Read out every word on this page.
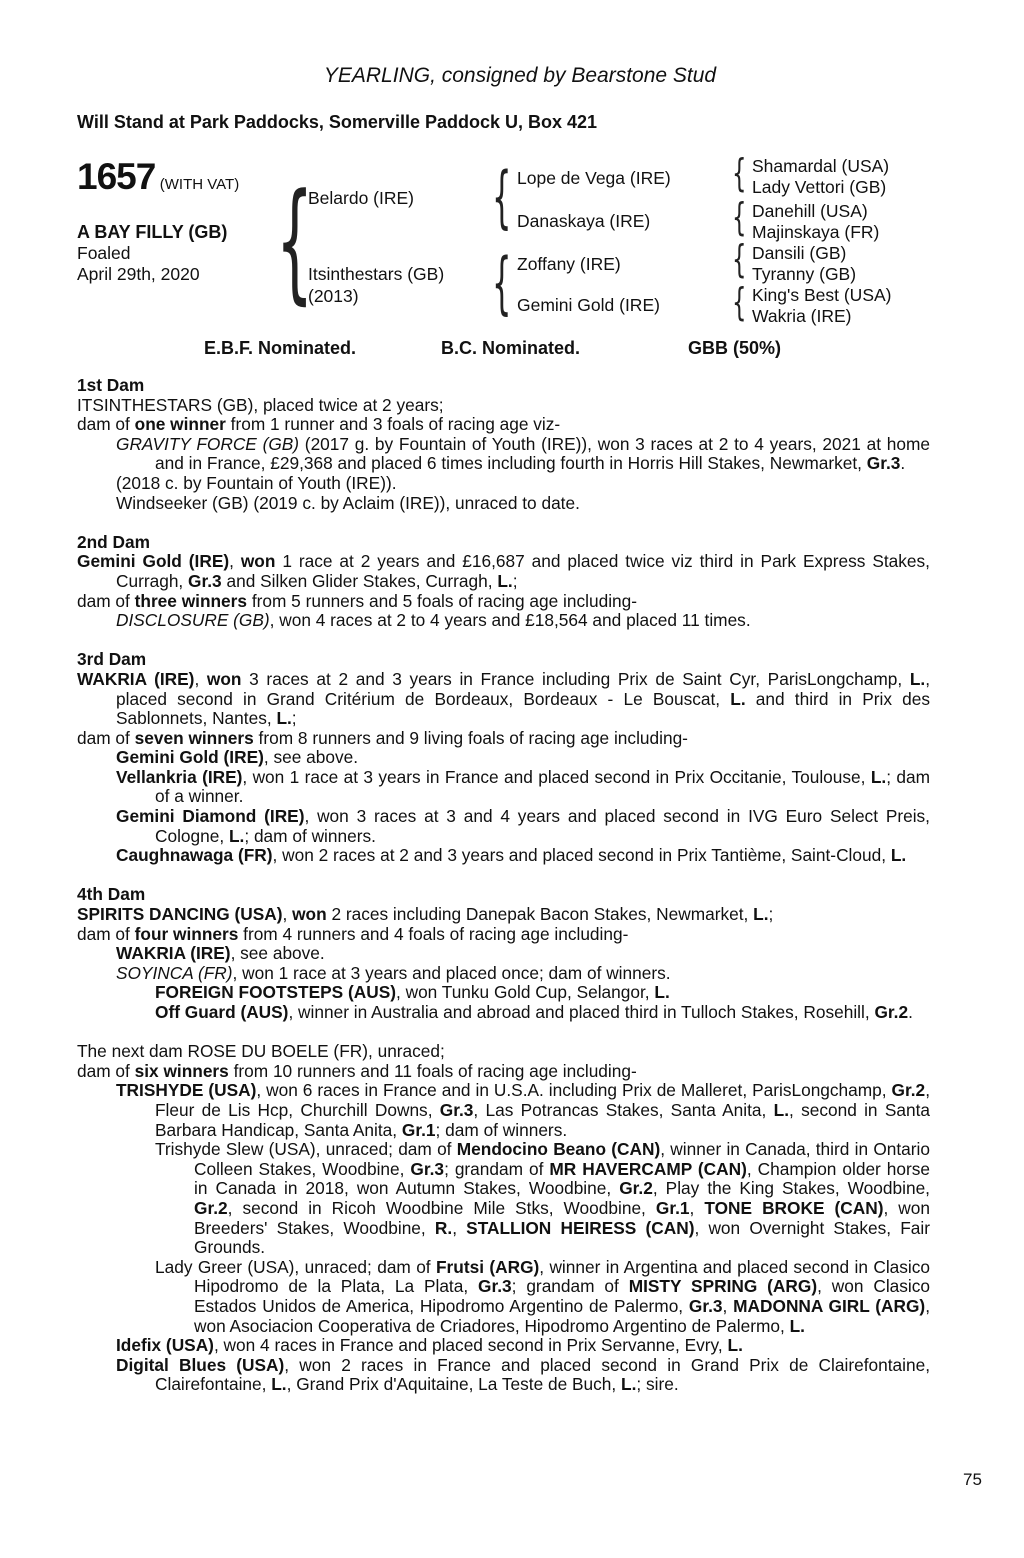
YEARLING, consigned by Bearstone Stud
Will Stand at Park Paddocks, Somerville Paddock U, Box 421
1657 (WITH VAT)
A BAY FILLY (GB)
Foaled
April 29th, 2020 {
Belardo (IRE)
Itsinthestars (GB)
(2013)
{
{
Lope de Vega (IRE)
Danaskaya (IRE)
Zoffany (IRE)
Gemini Gold (IRE)
{
{
{
{
Shamardal (USA)
Lady Vettori (GB)
Danehill (USA)
Majinskaya (FR)
Dansili (GB)
Tyranny (GB)
King's Best (USA)
Wakria (IRE)
E.B.F. Nominated.	B.C. Nominated.	GBB (50%)
1st Dam
ITSINTHESTARS (GB), placed twice at 2 years;
dam of one winner from 1 runner and 3 foals of racing age viz-
GRAVITY FORCE (GB) (2017 g. by Fountain of Youth (IRE)), won 3 races at 2 to 4 years, 2021 at home and in France, £29,368 and placed 6 times including fourth in Horris Hill Stakes, Newmarket, Gr.3.
(2018 c. by Fountain of Youth (IRE)).
Windseeker (GB) (2019 c. by Aclaim (IRE)), unraced to date.
2nd Dam
Gemini Gold (IRE), won 1 race at 2 years and £16,687 and placed twice viz third in Park Express Stakes, Curragh, Gr.3 and Silken Glider Stakes, Curragh, L.;
dam of three winners from 5 runners and 5 foals of racing age including-
DISCLOSURE (GB), won 4 races at 2 to 4 years and £18,564 and placed 11 times.
3rd Dam
WAKRIA (IRE), won 3 races at 2 and 3 years in France including Prix de Saint Cyr, ParisLongchamp, L., placed second in Grand Critérium de Bordeaux, Bordeaux - Le Bouscat, L. and third in Prix des Sablonnets, Nantes, L.;
dam of seven winners from 8 runners and 9 living foals of racing age including-
Gemini Gold (IRE), see above.
Vellankria (IRE), won 1 race at 3 years in France and placed second in Prix Occitanie, Toulouse, L.; dam of a winner.
Gemini Diamond (IRE), won 3 races at 3 and 4 years and placed second in IVG Euro Select Preis, Cologne, L.; dam of winners.
Caughnawaga (FR), won 2 races at 2 and 3 years and placed second in Prix Tantième, Saint-Cloud, L.
4th Dam
SPIRITS DANCING (USA), won 2 races including Danepak Bacon Stakes, Newmarket, L.;
dam of four winners from 4 runners and 4 foals of racing age including-
WAKRIA (IRE), see above.
SOYINCA (FR), won 1 race at 3 years and placed once; dam of winners.
FOREIGN FOOTSTEPS (AUS), won Tunku Gold Cup, Selangor, L.
Off Guard (AUS), winner in Australia and abroad and placed third in Tulloch Stakes, Rosehill, Gr.2.
The next dam ROSE DU BOELE (FR), unraced;
dam of six winners from 10 runners and 11 foals of racing age including-
TRISHYDE (USA), won 6 races in France and in U.S.A. including Prix de Malleret, ParisLongchamp, Gr.2, Fleur de Lis Hcp, Churchill Downs, Gr.3, Las Potrancas Stakes, Santa Anita, L., second in Santa Barbara Handicap, Santa Anita, Gr.1; dam of winners.
Trishyde Slew (USA), unraced; dam of Mendocino Beano (CAN), winner in Canada, third in Ontario Colleen Stakes, Woodbine, Gr.3; grandam of MR HAVERCAMP (CAN), Champion older horse in Canada in 2018, won Autumn Stakes, Woodbine, Gr.2, Play the King Stakes, Woodbine, Gr.2, second in Ricoh Woodbine Mile Stks, Woodbine, Gr.1, TONE BROKE (CAN), won Breeders' Stakes, Woodbine, R., STALLION HEIRESS (CAN), won Overnight Stakes, Fair Grounds.
Lady Greer (USA), unraced; dam of Frutsi (ARG), winner in Argentina and placed second in Clasico Hipodromo de la Plata, La Plata, Gr.3; grandam of MISTY SPRING (ARG), won Clasico Estados Unidos de America, Hipodromo Argentino de Palermo, Gr.3, MADONNA GIRL (ARG), won Asociacion Cooperativa de Criadores, Hipodromo Argentino de Palermo, L.
Idefix (USA), won 4 races in France and placed second in Prix Servanne, Evry, L.
Digital Blues (USA), won 2 races in France and placed second in Grand Prix de Clairefontaine, Clairefontaine, L., Grand Prix d'Aquitaine, La Teste de Buch, L.; sire.
75
